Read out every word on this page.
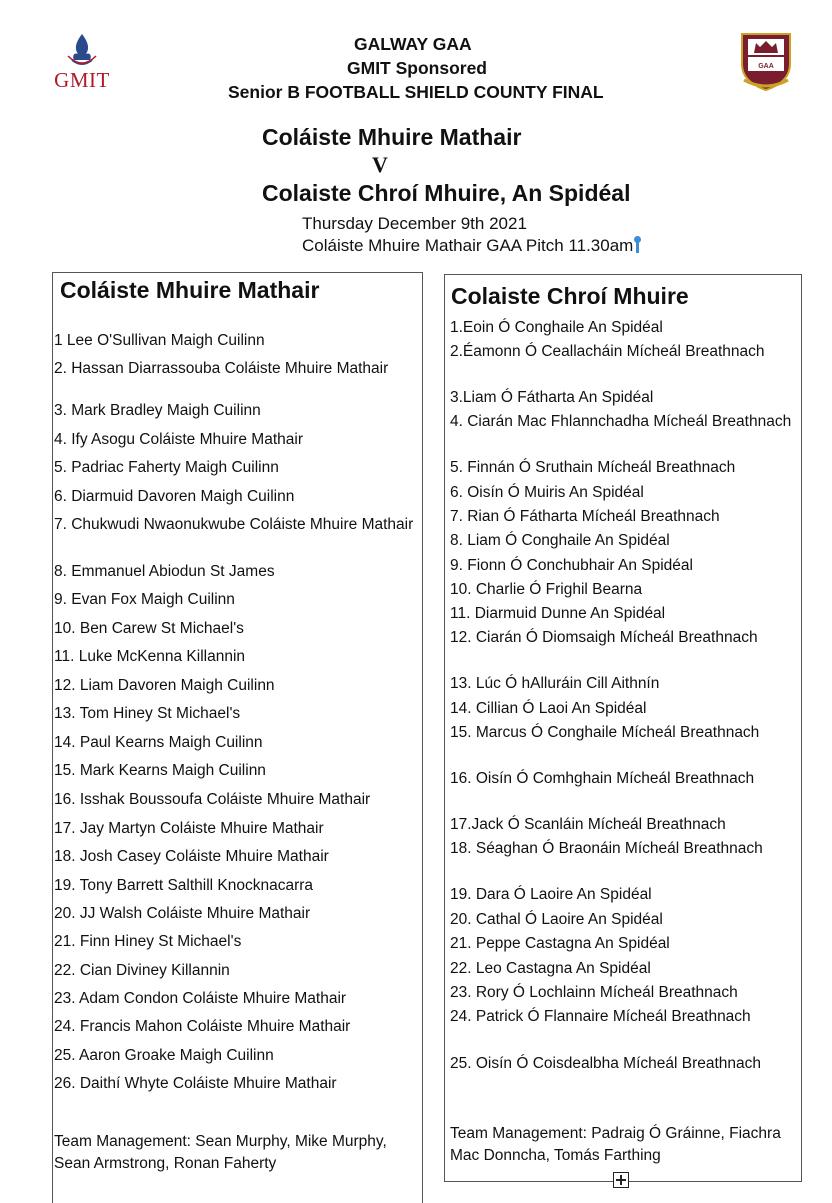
GMIT
GAA
GALWAY GAA
GMIT Sponsored
Senior B FOOTBALL SHIELD COUNTY FINAL
Coláiste Mhuire Mathair
V
Colaiste Chroí Mhuire, An Spidéal
Thursday December 9th 2021
Coláiste Mhuire Mathair GAA Pitch 11.30am
Coláiste Mhuire Mathair
1 Lee O'Sullivan Maigh Cuilinn
2. Hassan Diarrassouba Coláiste Mhuire Mathair
3. Mark Bradley Maigh Cuilinn
4. Ify Asogu Coláiste Mhuire Mathair
5. Padriac Faherty Maigh Cuilinn
6. Diarmuid Davoren Maigh Cuilinn
7. Chukwudi Nwaonukwube Coláiste Mhuire Mathair
8. Emmanuel Abiodun St James
9. Evan Fox Maigh Cuilinn
10. Ben Carew St Michael's
11. Luke McKenna Killannin
12. Liam Davoren Maigh Cuilinn
13. Tom Hiney St Michael's
14. Paul Kearns Maigh Cuilinn
15. Mark Kearns Maigh Cuilinn
16. Isshak Boussoufa Coláiste Mhuire Mathair
17. Jay Martyn Coláiste Mhuire Mathair
18. Josh Casey Coláiste Mhuire Mathair
19. Tony Barrett Salthill Knocknacarra
20. JJ Walsh Coláiste Mhuire Mathair
21. Finn Hiney St Michael's
22. Cian Diviney Killannin
23. Adam Condon Coláiste Mhuire Mathair
24. Francis Mahon Coláiste Mhuire Mathair
25. Aaron Groake Maigh Cuilinn
26. Daithí Whyte Coláiste Mhuire Mathair
Team Management: Sean Murphy, Mike Murphy, Sean Armstrong, Ronan Faherty
Colaiste Chroí Mhuire
1.Eoin Ó Conghaile An Spidéal
2.Éamonn Ó Ceallacháin Mícheál Breathnach
3.Liam Ó Fátharta An Spidéal
4. Ciarán Mac Fhlannchadha Mícheál Breathnach
5. Finnán Ó Sruthain Mícheál Breathnach
6. Oisín Ó Muiris An Spidéal
7. Rian Ó Fátharta Mícheál Breathnach
8. Liam Ó Conghaile An Spidéal
9. Fionn Ó Conchubhair An Spidéal
10. Charlie Ó Frighil Bearna
11. Diarmuid Dunne An Spidéal
12. Ciarán Ó Diomsaigh Mícheál Breathnach
13. Lúc Ó hAlluráin Cill Aithnín
14. Cillian Ó Laoi An Spidéal
15. Marcus Ó Conghaile Mícheál Breathnach
16. Oisín Ó Comhghain Mícheál Breathnach
17.Jack Ó Scanláin Mícheál Breathnach
18. Séaghan Ó Braonáin Mícheál Breathnach
19. Dara Ó Laoire An Spidéal
20. Cathal Ó Laoire An Spidéal
21. Peppe Castagna An Spidéal
22. Leo Castagna An Spidéal
23. Rory Ó Lochlainn Mícheál Breathnach
24. Patrick Ó Flannaire Mícheál Breathnach
25. Oisín Ó Coisdealbha Mícheál Breathnach
Team Management: Padraig Ó Gráinne, Fiachra Mac Donncha, Tomás Farthing
